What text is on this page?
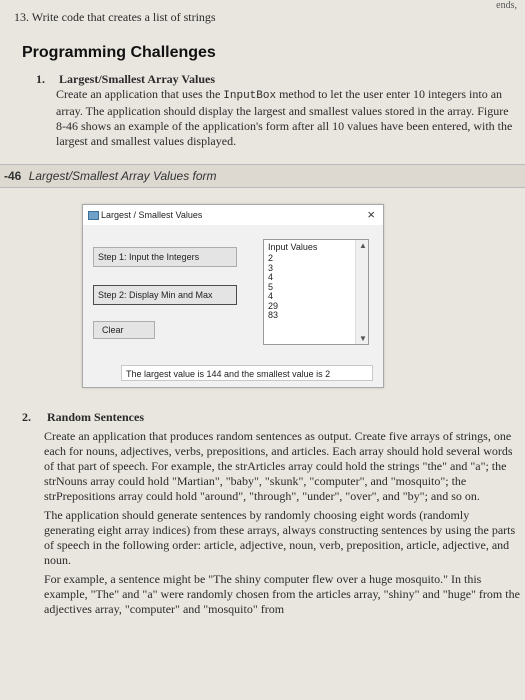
13. Write code that creates a list of strings
ends,
Programming Challenges
1. Largest/Smallest Array Values
Create an application that uses the InputBox method to let the user enter 10 integers into an array. The application should display the largest and smallest values stored in the array. Figure 8-46 shows an example of the application's form after all 10 values have been entered, with the largest and smallest values displayed.
-46 Largest/Smallest Array Values form
Largest / Smallest Values	×
Step 1: Input the Integers
Step 2: Display Min and Max
Clear
Input Values
2
3
4
5
4
29
83
▲
▼
The largest value is 144 and the smallest value is 2
2. Random Sentences

Create an application that produces random sentences as output. Create five arrays of strings, one each for nouns, adjectives, verbs, prepositions, and articles. Each array should hold several words of that part of speech. For example, the strArticles array could hold the strings "the" and "a"; the strNouns array could hold "Martian", "baby", "skunk", "computer", and "mosquito"; the strPrepositions array could hold "around", "through", "under", "over", and "by"; and so on.

The application should generate sentences by randomly choosing eight words (randomly generating eight array indices) from these arrays, always constructing sentences by using the parts of speech in the following order: article, adjective, noun, verb, preposition, article, adjective, and noun.

For example, a sentence might be "The shiny computer flew over a huge mosquito." In this example, "The" and "a" were randomly chosen from the articles array, "shiny" and "huge" from the adjectives array, "computer" and "mosquito" from
